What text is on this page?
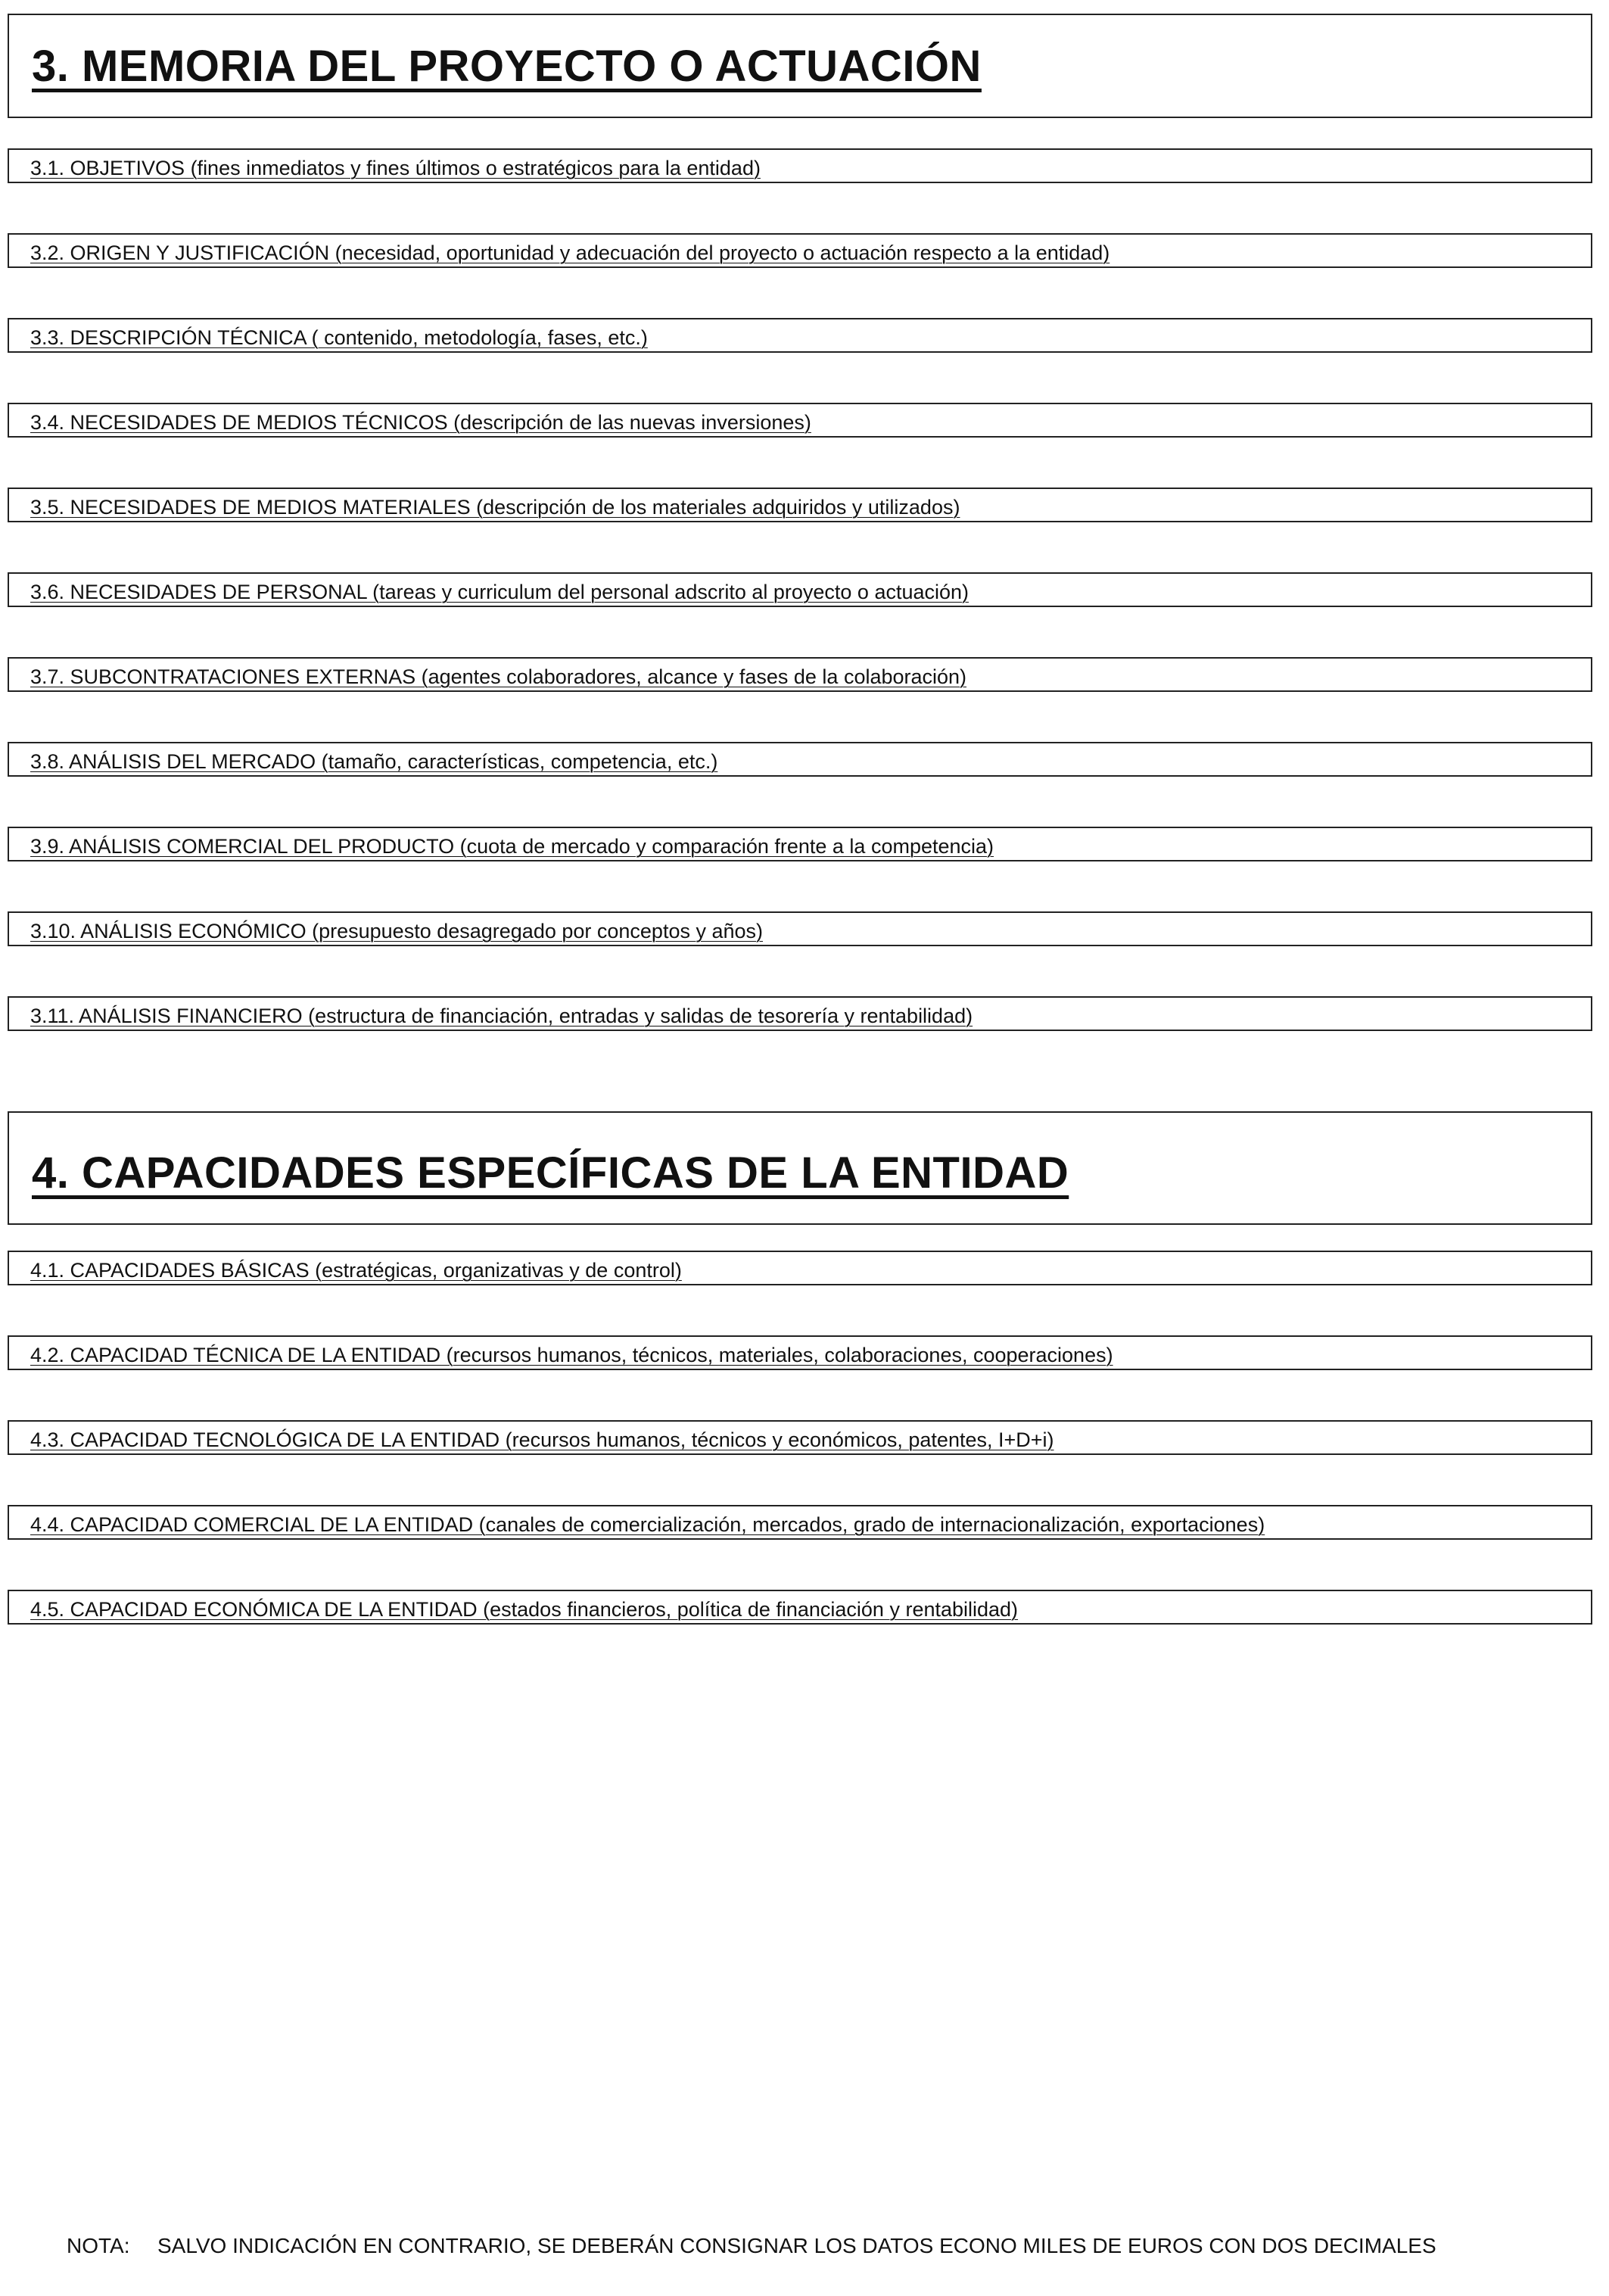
3. MEMORIA DEL PROYECTO O ACTUACIÓN
3.1. OBJETIVOS (fines inmediatos y fines últimos o estratégicos para la entidad)
3.2. ORIGEN Y JUSTIFICACIÓN (necesidad, oportunidad y adecuación del proyecto o actuación respecto a la entidad)
3.3. DESCRIPCIÓN TÉCNICA ( contenido, metodología, fases, etc.)
3.4. NECESIDADES DE MEDIOS TÉCNICOS (descripción de las nuevas inversiones)
3.5. NECESIDADES DE MEDIOS MATERIALES (descripción de los materiales adquiridos y utilizados)
3.6. NECESIDADES DE PERSONAL (tareas y curriculum del personal adscrito al proyecto o actuación)
3.7. SUBCONTRATACIONES EXTERNAS (agentes colaboradores, alcance y fases de la colaboración)
3.8. ANÁLISIS DEL MERCADO (tamaño, características, competencia, etc.)
3.9. ANÁLISIS COMERCIAL DEL PRODUCTO (cuota de mercado y comparación frente a la competencia)
3.10. ANÁLISIS ECONÓMICO (presupuesto desagregado por conceptos y años)
3.11. ANÁLISIS FINANCIERO (estructura de financiación, entradas y salidas de tesorería y rentabilidad)
4. CAPACIDADES ESPECÍFICAS DE LA ENTIDAD
4.1. CAPACIDADES BÁSICAS (estratégicas, organizativas y de control)
4.2. CAPACIDAD TÉCNICA DE LA ENTIDAD (recursos humanos, técnicos, materiales, colaboraciones, cooperaciones)
4.3. CAPACIDAD TECNOLÓGICA DE LA ENTIDAD (recursos humanos, técnicos y económicos, patentes, I+D+i)
4.4. CAPACIDAD COMERCIAL DE LA ENTIDAD (canales de comercialización, mercados, grado de internacionalización, exportaciones)
4.5. CAPACIDAD ECONÓMICA DE LA ENTIDAD (estados financieros, política de financiación y rentabilidad)
NOTA:	SALVO INDICACIÓN EN CONTRARIO, SE DEBERÁN CONSIGNAR LOS DATOS ECONO MILES DE EUROS CON DOS DECIMALES
